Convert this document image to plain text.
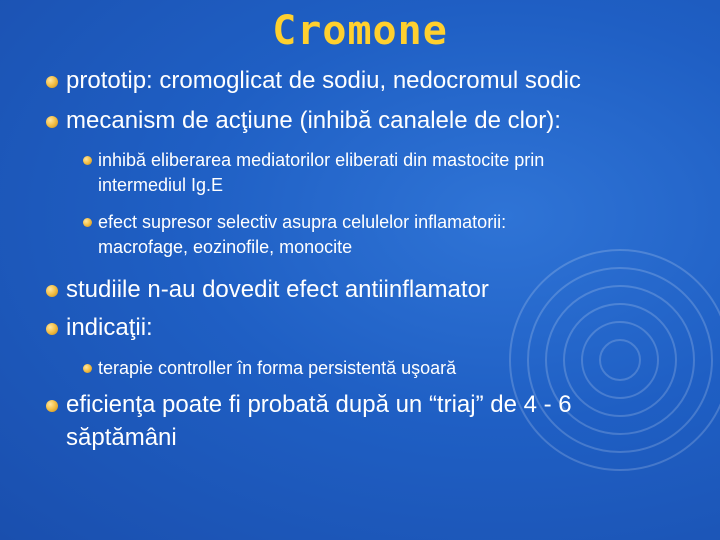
Cromone
prototip: cromoglicat de sodiu, nedocromul sodic
mecanism de acţiune (inhibă canalele de clor):
inhibă eliberarea mediatorilor eliberati din mastocite prin
intermediul Ig.E
efect supresor selectiv asupra celulelor inflamatorii:
macrofage, eozinofile, monocite
studiile n-au dovedit efect antiinflamator
indicaţii:
terapie controller în forma persistentă uşoară
eficienţa poate fi probată după un “triaj” de 4 - 6
săptămâni
